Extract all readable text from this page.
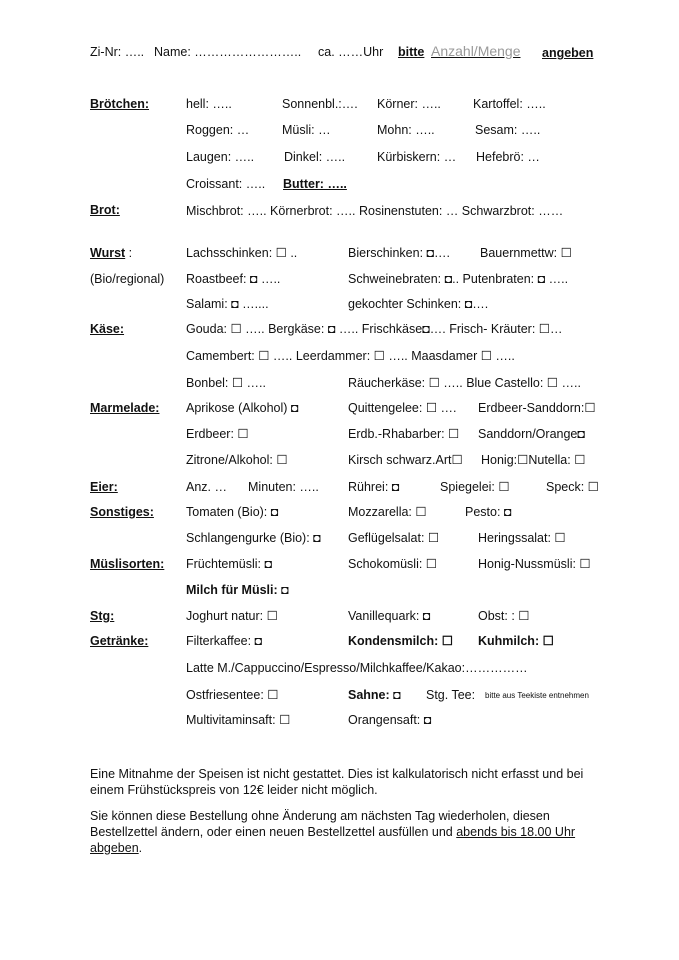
Zi-Nr: ….. Name: …………………….. ca. ……Uhr bitte Anzahl/Menge angeben
Brötchen:	hell: …..	Sonnenbl.:…. Körner: …..	Kartoffel: …..
Roggen: …	Müsli: …	Mohn: …..	Sesam: …..
Laugen: ….. Dinkel: …..	Kürbiskern: … Hefebrö: …
Croissant: ….. Butter: …..
Brot:	Mischbrot: ….. Körnerbrot: ….. Rosinenstuten: … Schwarzbrot: ……
Wurst :	Lachsschinken: ☐ ..	Bierschinken: ◘…. Bauernmettw: ☐
(Bio/regional) Roastbeef: ◘ …..	Schweinebraten: ◘.. Putenbraten: ◘ …..
Salami: ◘ …....	gekochter Schinken: ◘….
Käse:	Gouda: ☐ ….. Bergkäse: ◘ ….. Frischkäse◘…. Frisch- Kräuter: ☐…
Camembert: ☐ ….. Leerdammer: ☐ ….. Maasdamer ☐ …..
Bonbel: ☐ …..	Räucherkäse: ☐ ….. Blue Castello: ☐ …..
Marmelade: Aprikose (Alkohol) ◘	Quittengelee: ☐ …. Erdbeer-Sanddorn:☐
Erdbeer: ☐	Erdb.-Rhabarber: ☐ Sanddorn/Orange◘
Zitrone/Alkohol: ☐	Kirsch schwarz.Art☐ Honig:☐Nutella: ☐
Eier:	Anz. … Minuten: ….. Rührei: ◘	Spiegelei: ☐	Speck: ☐
Sonstiges:	Tomaten (Bio): ◘	Mozzarella: ☐	Pesto: ◘
Schlangengurke (Bio): ◘ Geflügelsalat: ☐	Heringssalat: ☐
Müslisorten: Früchtemüsli: ◘	Schokomüsli: ☐	Honig-Nussmüsli: ☐
Milch für Müsli: ◘
Stg:	Joghurt natur: ☐	Vanillequark: ◘	Obst: : ☐
Getränke:	Filterkaffee: ◘	Kondensmilch: ☐ Kuhmilch: ☐
Latte M./Cappuccino/Espresso/Milchkaffee/Kakao:……………
Ostfriesentee: ☐	Sahne: ◘ Stg. Tee: bitte aus Teekiste entnehmen
Multivitaminsaft: ☐	Orangensaft: ◘

Eine Mitnahme der Speisen ist nicht gestattet. Dies ist kalkulatorisch nicht erfasst und bei einem Frühstückspreis von 12€ leider nicht möglich.

Sie können diese Bestellung ohne Änderung am nächsten Tag wiederholen, diesen Bestellzettel ändern, oder einen neuen Bestellzettel ausfüllen und abends bis 18.00 Uhr abgeben.
